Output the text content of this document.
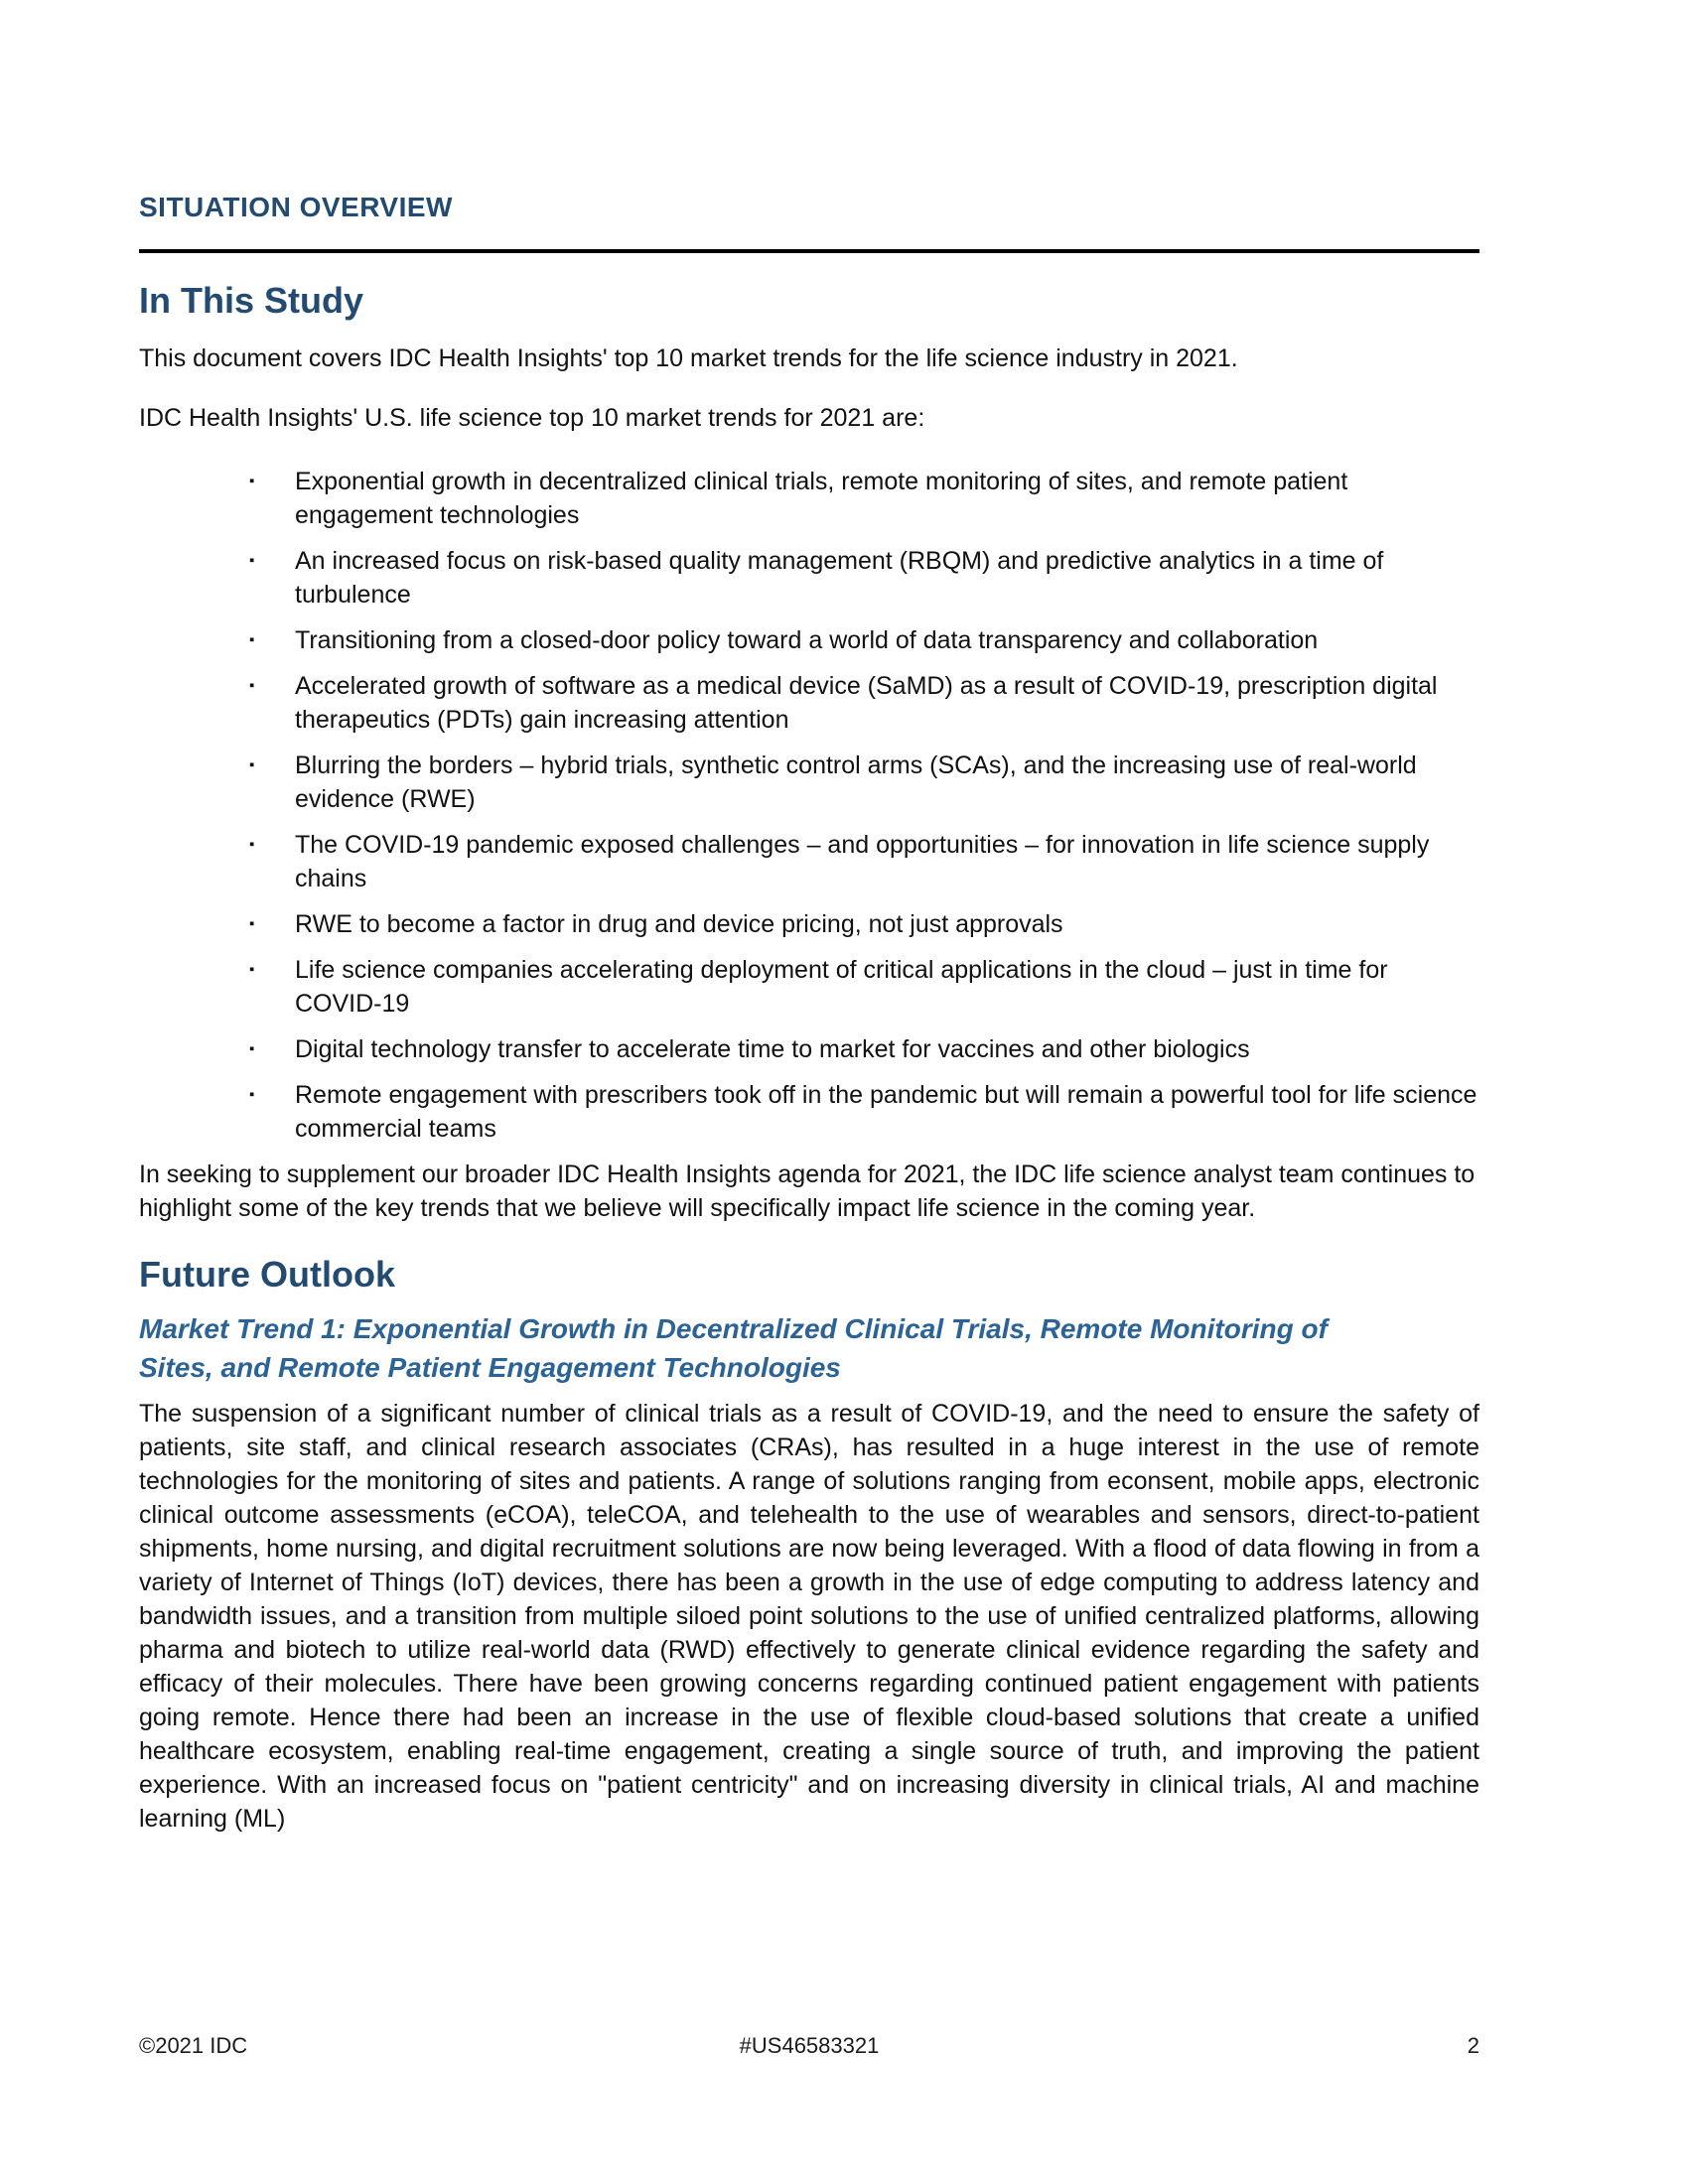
SITUATION OVERVIEW
In This Study

This document covers IDC Health Insights' top 10 market trends for the life science industry in 2021.

IDC Health Insights' U.S. life science top 10 market trends for 2021 are:

▪	Exponential growth in decentralized clinical trials, remote monitoring of sites, and remote patient engagement technologies
▪	An increased focus on risk-based quality management (RBQM) and predictive analytics in a time of turbulence
▪	Transitioning from a closed-door policy toward a world of data transparency and collaboration
▪	Accelerated growth of software as a medical device (SaMD) as a result of COVID-19, prescription digital therapeutics (PDTs) gain increasing attention
▪	Blurring the borders – hybrid trials, synthetic control arms (SCAs), and the increasing use of real-world evidence (RWE)
▪	The COVID-19 pandemic exposed challenges – and opportunities – for innovation in life science supply chains
▪	RWE to become a factor in drug and device pricing, not just approvals
▪	Life science companies accelerating deployment of critical applications in the cloud – just in time for COVID-19
▪	Digital technology transfer to accelerate time to market for vaccines and other biologics
▪	Remote engagement with prescribers took off in the pandemic but will remain a powerful tool for life science commercial teams

In seeking to supplement our broader IDC Health Insights agenda for 2021, the IDC life science analyst team continues to highlight some of the key trends that we believe will specifically impact life science in the coming year.

Future Outlook
Market Trend 1: Exponential Growth in Decentralized Clinical Trials, Remote Monitoring of Sites, and Remote Patient Engagement Technologies

The suspension of a significant number of clinical trials as a result of COVID-19, and the need to ensure the safety of patients, site staff, and clinical research associates (CRAs), has resulted in a huge interest in the use of remote technologies for the monitoring of sites and patients. A range of solutions ranging from econsent, mobile apps, electronic clinical outcome assessments (eCOA), teleCOA, and telehealth to the use of wearables and sensors, direct-to-patient shipments, home nursing, and digital recruitment solutions are now being leveraged. With a flood of data flowing in from a variety of Internet of Things (IoT) devices, there has been a growth in the use of edge computing to address latency and bandwidth issues, and a transition from multiple siloed point solutions to the use of unified centralized platforms, allowing pharma and biotech to utilize real-world data (RWD) effectively to generate clinical evidence regarding the safety and efficacy of their molecules. There have been growing concerns regarding continued patient engagement with patients going remote. Hence there had been an increase in the use of flexible cloud-based solutions that create a unified healthcare ecosystem, enabling real-time engagement, creating a single source of truth, and improving the patient experience. With an increased focus on "patient centricity" and on increasing diversity in clinical trials, AI and machine learning (ML)

©2021 IDC	#US46583321	2
